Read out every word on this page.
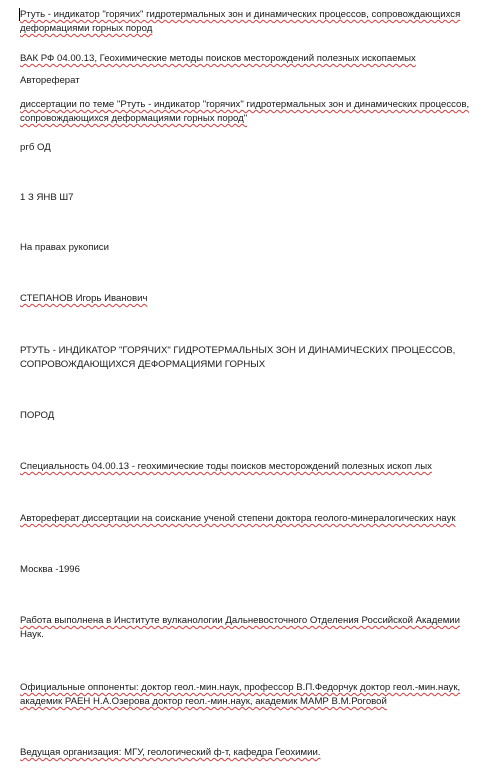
Ртуть - индикатор "горячих" гидротермальных зон и динамических процессов, сопровождающихся
деформациями горных пород
ВАК РФ 04.00.13, Геохимические методы поисков месторождений полезных ископаемых
Автореферат
диссертации по теме "Ртуть - индикатор "горячих" гидротермальных зон и динамических процессов,
сопровождающихся деформациями горных пород"
ргб ОД
1 З ЯНВ Ш7
На правах рукописи
СТЕПАНОВ Игорь Иванович
РТУТЬ - ИНДИКАТОР "ГОРЯЧИХ" ГИДРОТЕРМАЛЬНЫХ ЗОН И ДИНАМИЧЕСКИХ ПРОЦЕССОВ,
СОПРОВОЖДАЮЩИХСЯ ДЕФОРМАЦИЯМИ ГОРНЫХ
ПОРОД
Специальность 04.00.13 - геохимические тоды поисков месторождений полезных ископ лых
Автореферат диссертации на соискание ученой степени доктора геолого-минералогических наук
Москва -1996
Работа выполнена в Институте вулканологии Дальневосточного Отделения Российской Академии
Наук.
Официальные оппоненты: доктор геол.-мин.наук, профессор В.П.Федорчук доктор геол.-мин.наук,
академик РАЕН Н.А.Озерова доктор геол.-мин.наук, академик МАМР В.М.Роговой
Ведущая организация: МГУ, геологический ф-т, кафедра Геохимии.
